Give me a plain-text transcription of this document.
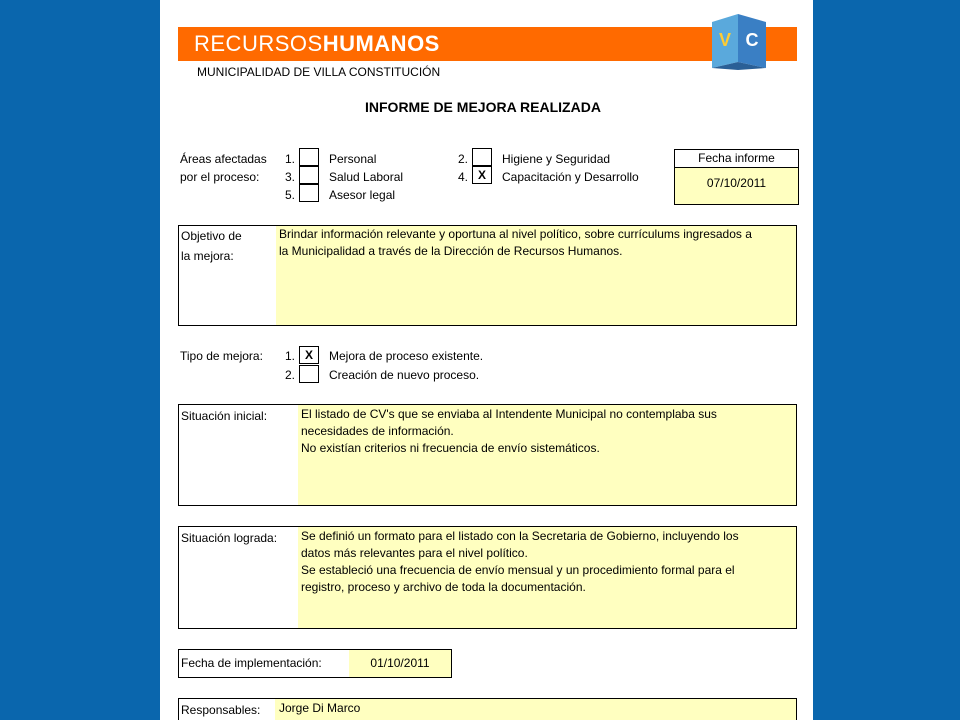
RECURSOSHUMANOS	V C
MUNICIPALIDAD DE VILLA CONSTITUCIÓN
INFORME DE MEJORA REALIZADA
Áreas afectadas
por el proceso:
1.	Personal
3.	Salud Laboral
5.	Asesor legal
2.	Higiene y Seguridad
4. X	Capacitación y Desarrollo
Fecha informe
07/10/2011
Objetivo de
la mejora:
Brindar información relevante y oportuna al nivel político, sobre currículums ingresados a
la Municipalidad a través de la Dirección de Recursos Humanos.
Tipo de mejora: 1. X	Mejora de proceso existente.
2.	Creación de nuevo proceso.
Situación inicial:	El listado de CV's que se enviaba al Intendente Municipal no contemplaba sus
necesidades de información.
No existían criterios ni frecuencia de envío sistemáticos.
Situación lograda: Se definió un formato para el listado con la Secretaria de Gobierno, incluyendo los
datos más relevantes para el nivel político.
Se estableció una frecuencia de envío mensual y un procedimiento formal para el
registro, proceso y archivo de toda la documentación.
Fecha de implementación:	01/10/2011
Responsables: Jorge Di Marco
